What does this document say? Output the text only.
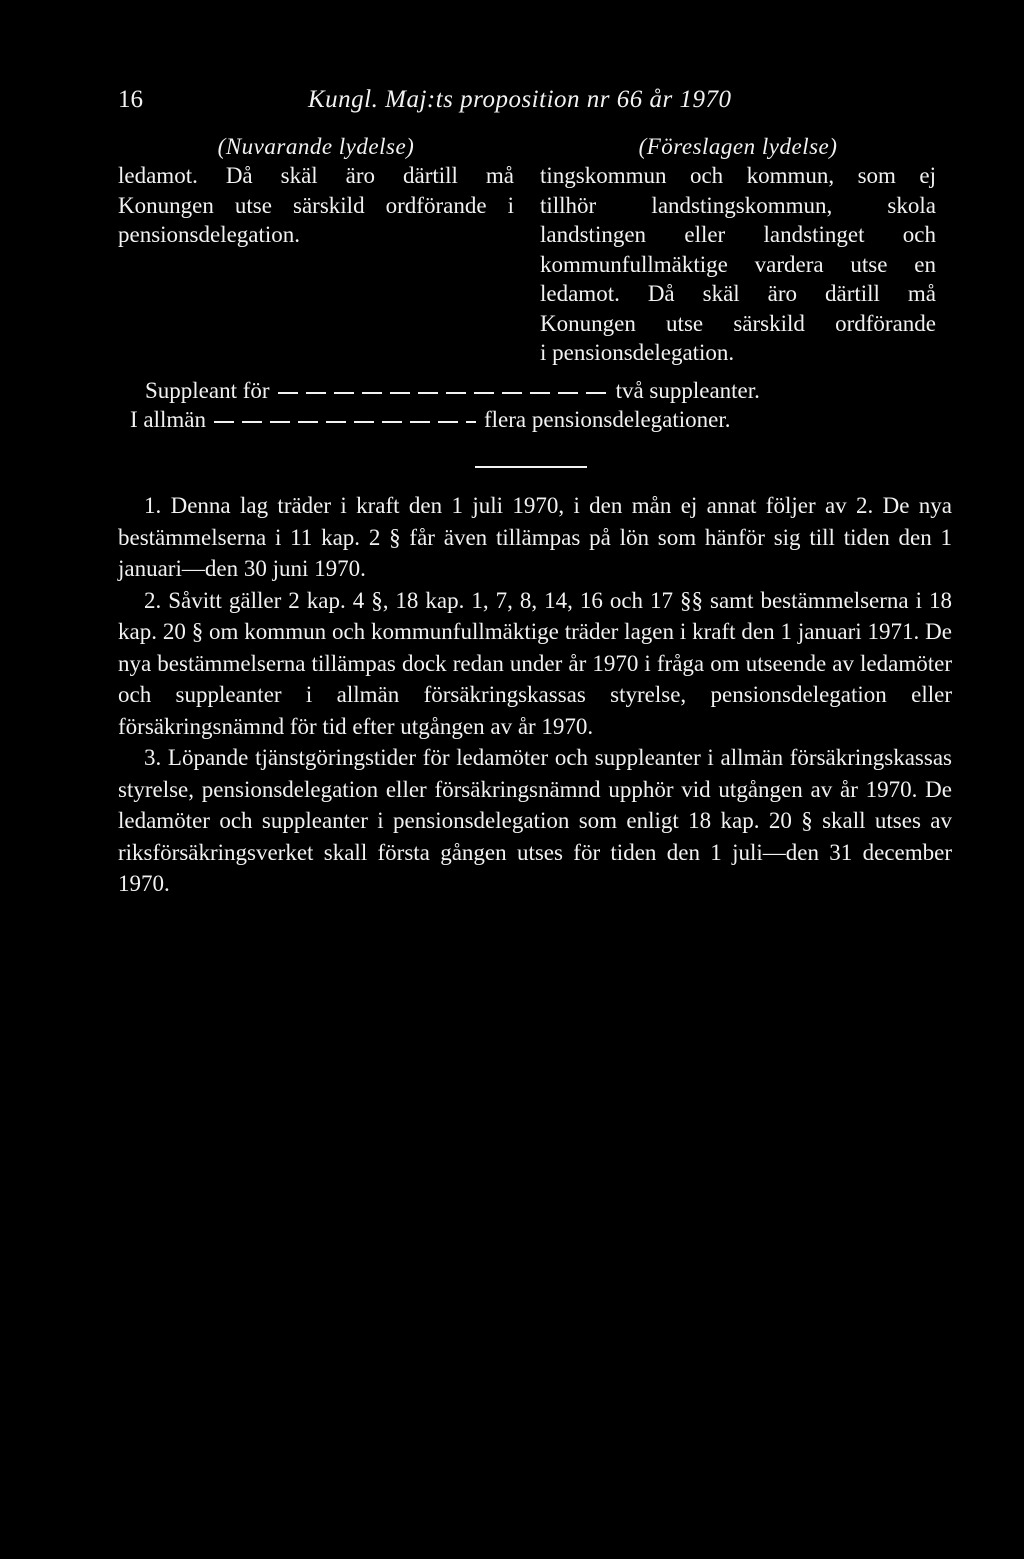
16	Kungl. Maj:ts proposition nr 66 år 1970
(Nuvarande lydelse)
ledamot. Då skäl äro därtill må
Konungen utse särskild ordförande i
pensionsdelegation.
(Föreslagen lydelse)
tingskommun och kommun, som ej
tillhör landstingskommun, skola
landstingen eller landstinget och
kommunfullmäktige vardera utse en
ledamot. Då skäl äro därtill må
Konungen utse särskild ordförande
i pensionsdelegation.
Suppleant för	två suppleanter.
I allmän	flera pensionsdelegationer.

1. Denna lag träder i kraft den 1 juli 1970, i den mån ej annat följer av 2. De nya bestämmelserna i 11 kap. 2 § får även tillämpas på lön som hänför sig till tiden den 1 januari—den 30 juni 1970.

2. Såvitt gäller 2 kap. 4 §, 18 kap. 1, 7, 8, 14, 16 och 17 §§ samt bestämmelserna i 18 kap. 20 § om kommun och kommunfullmäktige träder lagen i kraft den 1 januari 1971. De nya bestämmelserna tillämpas dock redan under år 1970 i fråga om utseende av ledamöter och suppleanter i allmän försäkringskassas styrelse, pensionsdelegation eller försäkringsnämnd för tid efter utgången av år 1970.

3. Löpande tjänstgöringstider för ledamöter och suppleanter i allmän försäkringskassas styrelse, pensionsdelegation eller försäkringsnämnd upphör vid utgången av år 1970. De ledamöter och suppleanter i pensionsdelegation som enligt 18 kap. 20 § skall utses av riksförsäkringsverket skall första gången utses för tiden den 1 juli—den 31 december 1970.
